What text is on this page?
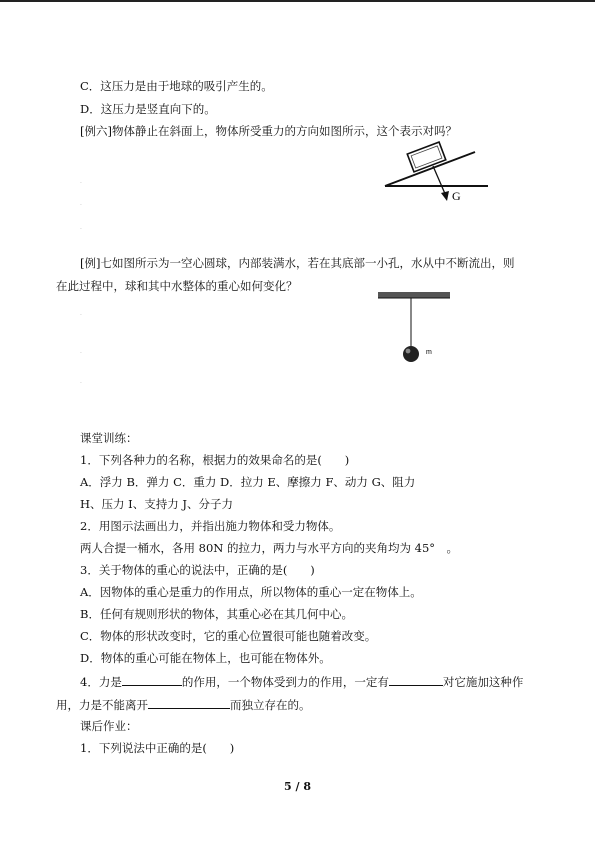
C．这压力是由于地球的吸引产生的。
D．这压力是竖直向下的。
[例六]物体静止在斜面上，物体所受重力的方向如图所示，这个表示对吗？
G
·
·
·
[例]七如图所示为一空心圆球，内部装满水，若在其底部一小孔，水从中不断流出，则
在此过程中，球和其中水整体的重心如何变化？
m
·
·
·
课堂训练：
1．下列各种力的名称，根据力的效果命名的是(　　)
A．浮力 B．弹力 C．重力 D．拉力 E、摩擦力 F、动力 G、阻力
H、压力 I、支持力 J、分子力
2．用图示法画出力，并指出施力物体和受力物体。
两人合提一桶水，各用 80N 的拉力，两力与水平方向的夹角均为 45°　。
3．关于物体的重心的说法中，正确的是(　　)
A．因物体的重心是重力的作用点，所以物体的重心一定在物体上。
B．任何有规则形状的物体，其重心必在其几何中心。
C．物体的形状改变时，它的重心位置很可能也随着改变。
D．物体的重心可能在物体上，也可能在物体外。
4．力是	的作用，一个物体受到力的作用，一定有	对它施加这种作
用，力是不能离开	而独立存在的。
课后作业：
1．下列说法中正确的是(　　)
5 / 8
